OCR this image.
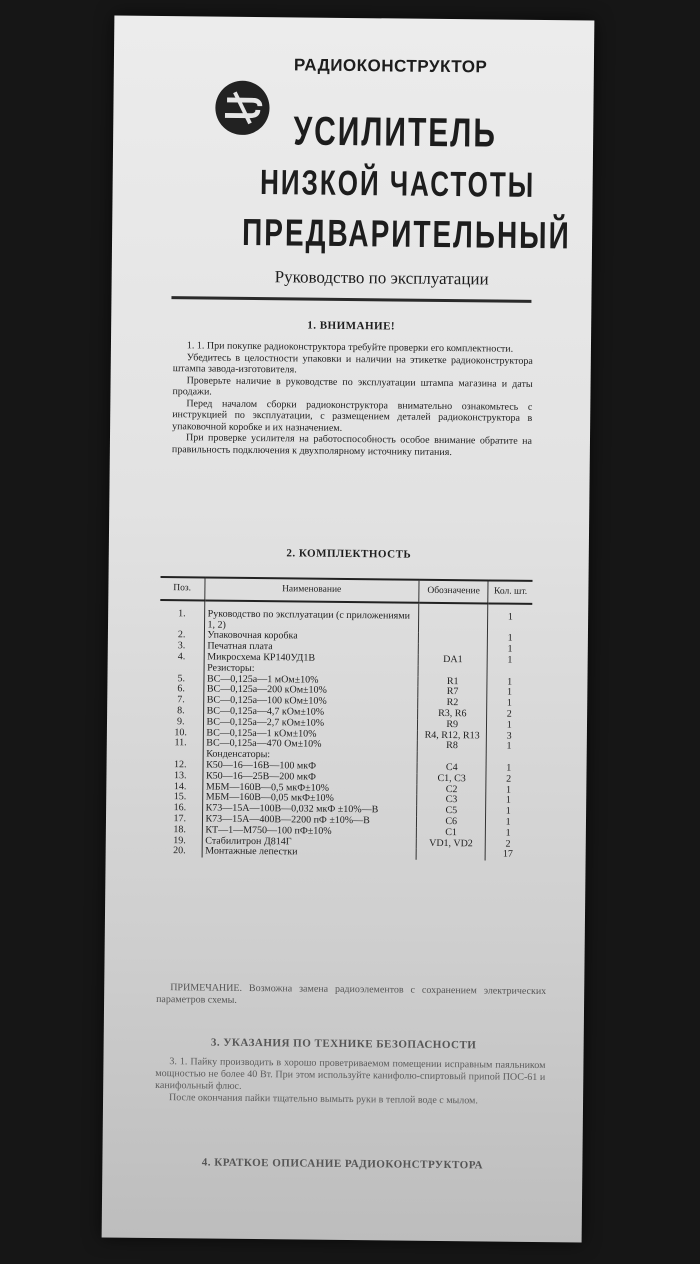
РАДИОКОНСТРУКТОР
УСИЛИТЕЛЬ
НИЗКОЙ ЧАСТОТЫ
ПРЕДВАРИТЕЛЬНЫЙ
Руководство по эксплуатации
1. ВНИМАНИЕ!

1. 1. При покупке радиоконструктора требуйте проверки его комплектности.

Убедитесь в целостности упаковки и наличии на этикетке радиоконструктора штампа завода-изготовителя.

Проверьте наличие в руководстве по эксплуатации штампа магазина и даты продажи.

Перед началом сборки радиоконструктора внимательно ознакомьтесь с инструкцией по эксплуатации, с размещением деталей радиоконструктора в упаковочной коробке и их назначением.

При проверке усилителя на работоспособность особое внимание обратите на правильность подключения к двухполярному источнику питания.

2. КОМПЛЕКТНОСТЬ
Поз.	Наименование	Обозначение	Кол. шт.
1.	Руководство по эксплуатации (с приложениями 1, 2)		1
2.	Упаковочная коробка		1
3.	Печатная плата		1
4.	Микросхема КР140УД1В	DA1	1
	Резисторы:		
5.	ВС—0,125а—1 мОм±10%	R1	1
6.	ВС—0,125а—200 кОм±10%	R7	1
7.	ВС—0,125а—100 кОм±10%	R2	1
8.	ВС—0,125а—4,7 кОм±10%	R3, R6	2
9.	ВС—0,125а—2,7 кОм±10%	R9	1
10.	ВС—0,125а—1 кОм±10%	R4, R12, R13	3
11.	ВС—0,125а—470 Ом±10%	R8	1
	Конденсаторы:		
12.	К50—16—16В—100 мкФ	C4	1
13.	К50—16—25В—200 мкФ	C1, C3	2
14.	МБМ—160В—0,5 мкФ±10%	C2	1
15.	МБМ—160В—0,05 мкФ±10%	C3	1
16.	К73—15А—100В—0,032 мкФ ±10%—В	C5	1
17.	К73—15А—400В—2200 пФ ±10%—В	C6	1
18.	КТ—1—М750—100 пФ±10%	C1	1
19.	Стабилитрон Д814Г	VD1, VD2	2
20.	Монтажные лепестки		17

ПРИМЕЧАНИЕ. Возможна замена радиоэлементов с сохранением электрических параметров схемы.

3. УКАЗАНИЯ ПО ТЕХНИКЕ БЕЗОПАСНОСТИ

3. 1. Пайку производить в хорошо проветриваемом помещении исправным паяльником мощностью не более 40 Вт. При этом используйте канифолю-спиртовый припой ПОС-61 и канифольный флюс.

После окончания пайки тщательно вымыть руки в теплой воде с мылом.

4. КРАТКОЕ ОПИСАНИЕ РАДИОКОНСТРУКТОРА
